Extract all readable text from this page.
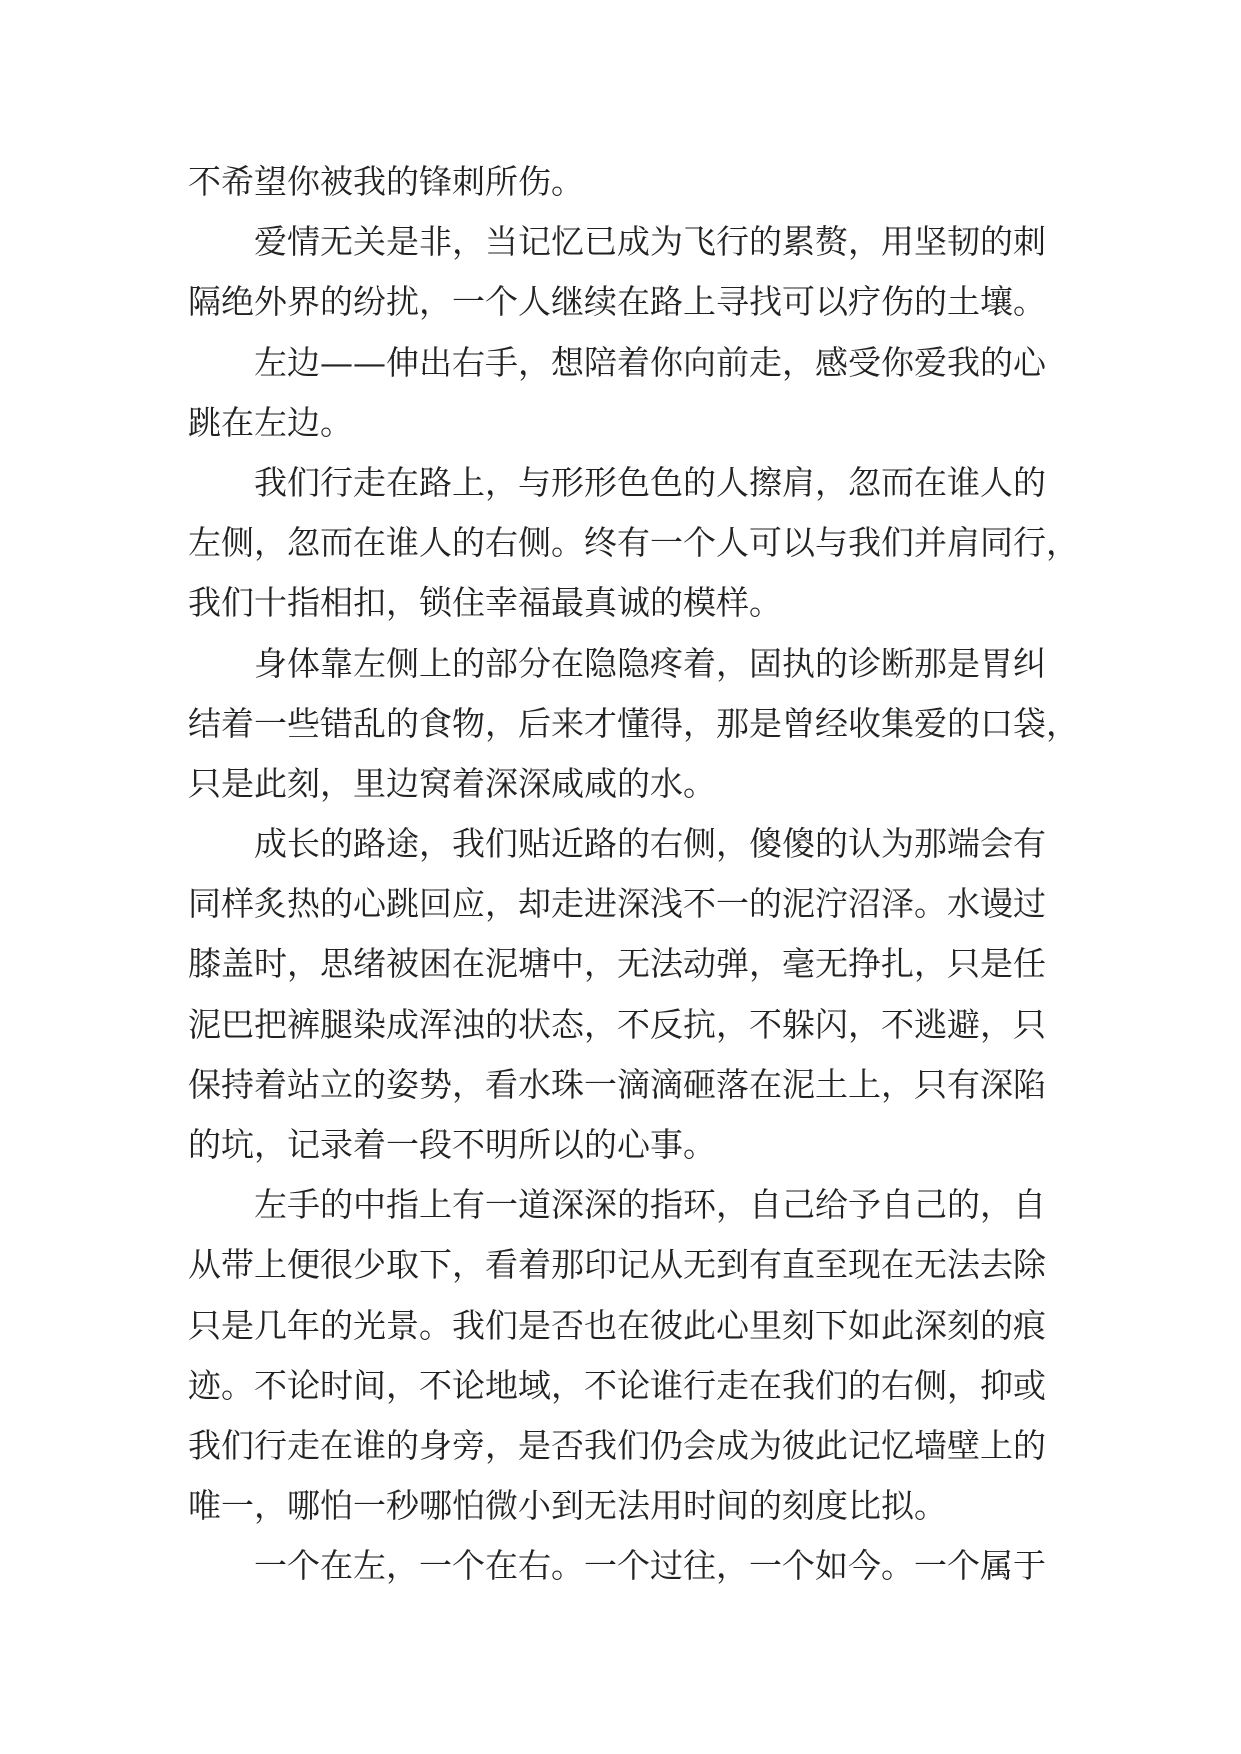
不希望你被我的锋刺所伤。
爱情无关是非，当记忆已成为飞行的累赘，用坚韧的刺
隔绝外界的纷扰，一个人继续在路上寻找可以疗伤的土壤。
左边——伸出右手，想陪着你向前走，感受你爱我的心
跳在左边。
我们行走在路上，与形形色色的人擦肩，忽而在谁人的
左侧，忽而在谁人的右侧。终有一个人可以与我们并肩同行，
我们十指相扣，锁住幸福最真诚的模样。
身体靠左侧上的部分在隐隐疼着，固执的诊断那是胃纠
结着一些错乱的食物，后来才懂得，那是曾经收集爱的口袋，
只是此刻，里边窝着深深咸咸的水。
成长的路途，我们贴近路的右侧，傻傻的认为那端会有
同样炙热的心跳回应，却走进深浅不一的泥泞沼泽。水谩过
膝盖时，思绪被困在泥塘中，无法动弹，毫无挣扎，只是任
泥巴把裤腿染成浑浊的状态，不反抗，不躲闪，不逃避，只
保持着站立的姿势，看水珠一滴滴砸落在泥土上，只有深陷
的坑，记录着一段不明所以的心事。
左手的中指上有一道深深的指环，自己给予自己的，自
从带上便很少取下，看着那印记从无到有直至现在无法去除
只是几年的光景。我们是否也在彼此心里刻下如此深刻的痕
迹。不论时间，不论地域，不论谁行走在我们的右侧，抑或
我们行走在谁的身旁，是否我们仍会成为彼此记忆墙壁上的
唯一，哪怕一秒哪怕微小到无法用时间的刻度比拟。
一个在左，一个在右。一个过往，一个如今。一个属于
